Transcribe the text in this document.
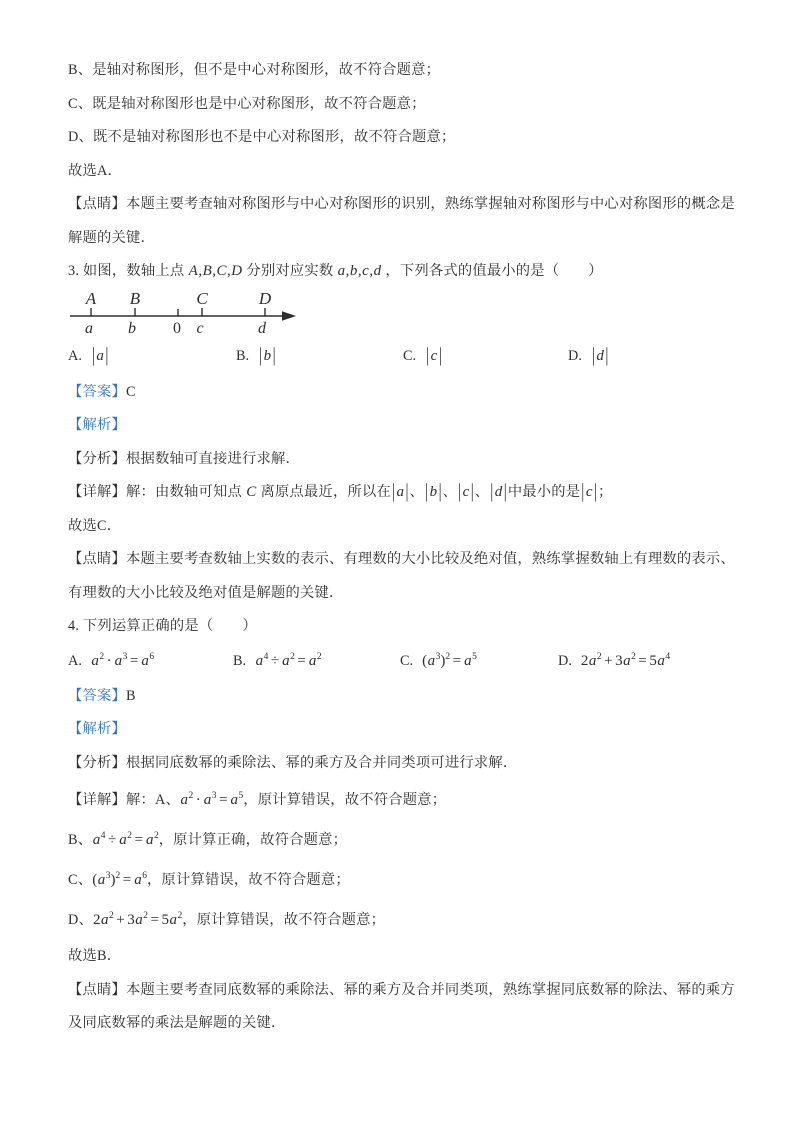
B、是轴对称图形，但不是中心对称图形，故不符合题意；

C、既是轴对称图形也是中心对称图形，故不符合题意；

D、既不是轴对称图形也不是中心对称图形，故不符合题意；

故选A．

【点睛】本题主要考查轴对称图形与中心对称图形的识别，熟练掌握轴对称图形与中心对称图形的概念是

解题的关键．

3. 如图，数轴上点 A,B,C,D 分别对应实数 a,b,c,d ，下列各式的值最小的是（　　）

A B	C	D
a b 0 c	d
A. | a |	B. | b |	C. | c |	D. | d |

【答案】C

【解析】

【分析】根据数轴可直接进行求解．

【详解】解：由数轴可知点 C 离原点最近，所以在| a |、| b |、| c |、| d |中最小的是| c |；

故选C．

【点睛】本题主要考查数轴上实数的表示、有理数的大小比较及绝对值，熟练掌握数轴上有理数的表示、

有理数的大小比较及绝对值是解题的关键．

4. 下列运算正确的是（　　）

A. $a^2 \cdot a^3 = a^6$	B. $a^4 \div a^2 = a^2$	C. $(a^3)^2 = a^5$	D. $2a^2 + 3a^2 = 5a^4$

【答案】B

【解析】

【分析】根据同底数幂的乘除法、幂的乘方及合并同类项可进行求解．

【详解】解：A、$a^2 \cdot a^3 = a^5$，原计算错误，故不符合题意；

B、$a^4 \div a^2 = a^2$，原计算正确，故符合题意；

C、$(a^3)^2 = a^6$，原计算错误，故不符合题意；

D、$2a^2 + 3a^2 = 5a^2$，原计算错误，故不符合题意；

故选B．

【点睛】本题主要考查同底数幂的乘除法、幂的乘方及合并同类项，熟练掌握同底数幂的除法、幂的乘方

及同底数幂的乘法是解题的关键．
